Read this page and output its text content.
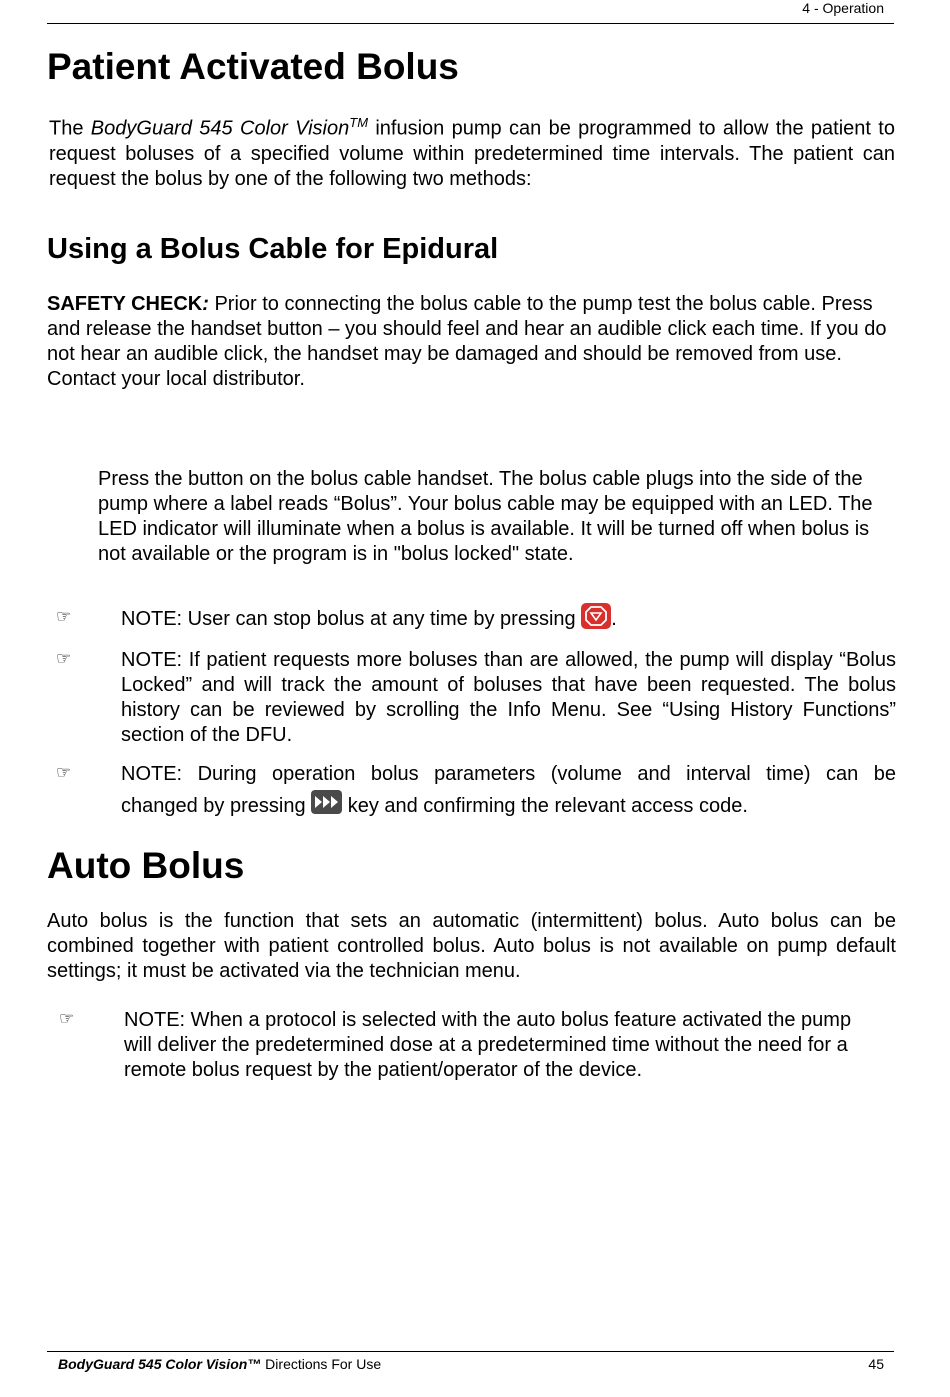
4 - Operation
Patient Activated Bolus
The BodyGuard 545 Color Vision™ infusion pump can be programmed to allow the patient to request boluses of a specified volume within predetermined time intervals. The patient can request the bolus by one of the following two methods:
Using a Bolus Cable for Epidural
SAFETY CHECK: Prior to connecting the bolus cable to the pump test the bolus cable. Press and release the handset button – you should feel and hear an audible click each time. If you do not hear an audible click, the handset may be damaged and should be removed from use. Contact your local distributor.
Press the button on the bolus cable handset. The bolus cable plugs into the side of the pump where a label reads “Bolus”. Your bolus cable may be equipped with an LED. The LED indicator will illuminate when a bolus is available. It will be turned off when bolus is not available or the program is in "bolus locked" state.
☞ NOTE: User can stop bolus at any time by pressing
.
☞ NOTE: If patient requests more boluses than are allowed, the pump will display “Bolus Locked” and will track the amount of boluses that have been requested. The bolus history can be reviewed by scrolling the Info Menu. See “Using History Functions” section of the DFU.
☞ NOTE: During operation bolus parameters (volume and interval time) can be
changed by pressing
key and confirming the relevant access code.
Auto Bolus
Auto bolus is the function that sets an automatic (intermittent) bolus. Auto bolus can be combined together with patient controlled bolus. Auto bolus is not available on pump default settings; it must be activated via the technician menu.
☞ NOTE: When a protocol is selected with the auto bolus feature activated the pump will deliver the predetermined dose at a predetermined time without the need for a remote bolus request by the patient/operator of the device.
BodyGuard 545 Color Vision™ Directions For Use	45
